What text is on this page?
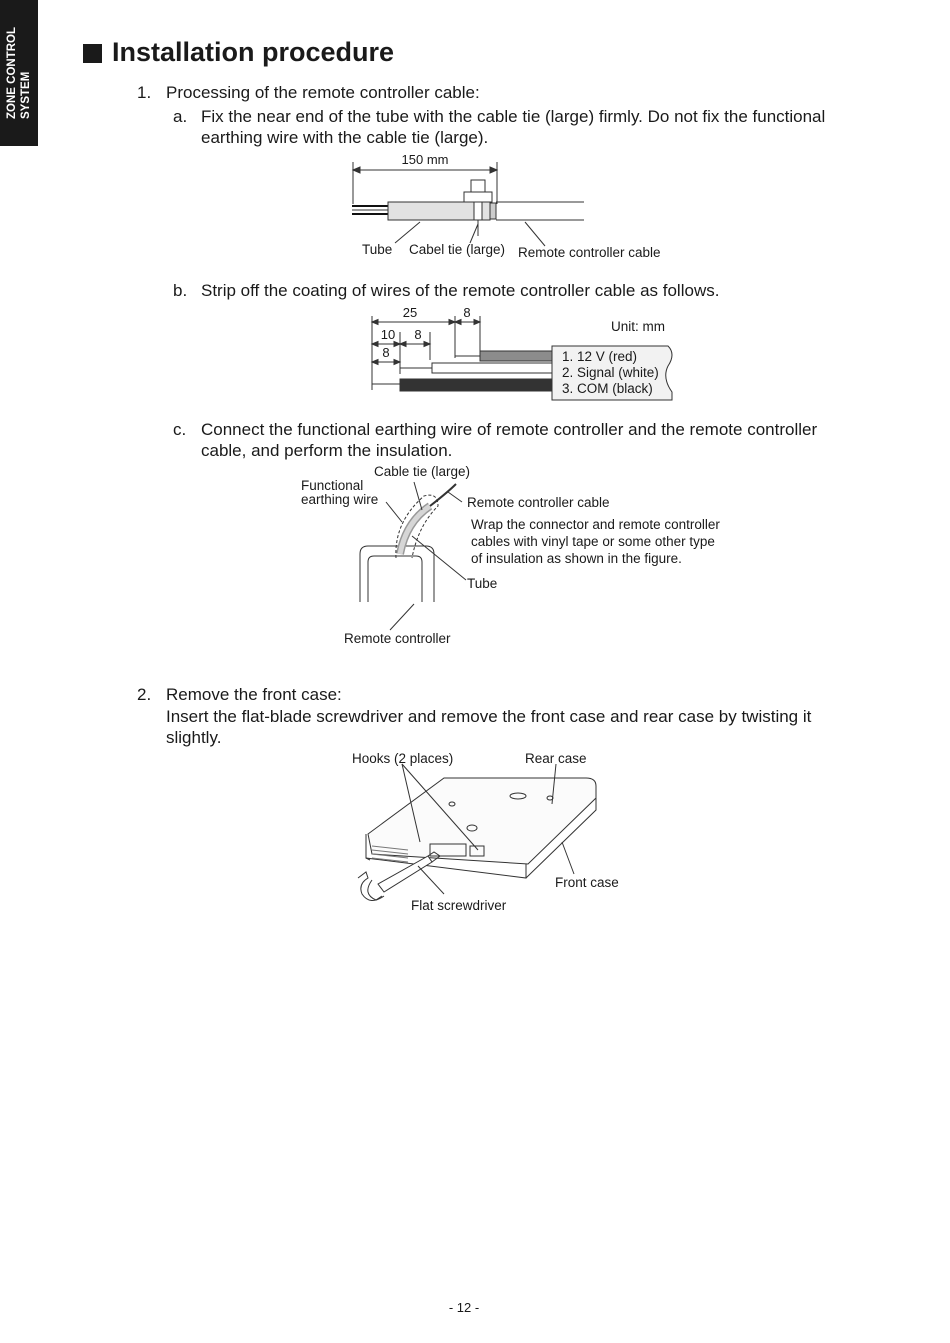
ZONE CONTROL SYSTEM
Installation procedure
1. Processing of the remote controller cable:
a. Fix the near end of the tube with the cable tie (large) firmly. Do not fix the functional
earthing wire with the cable tie (large).
150 mm
Tube Cabel tie (large) Remote controller cable
b. Strip off the coating of wires of the remote controller cable as follows.
25	8
10 8
8
Unit: mm
1. 12 V (red)
2. Signal (white)
3. COM (black)
c. Connect the functional earthing wire of remote controller and the remote controller
cable, and perform the insulation.
Cable tie (large)
Functional
earthing wire	Remote controller cable
Wrap the connector and remote controller
cables with vinyl tape or some other type
of insulation as shown in the figure.
Tube
Remote controller
2. Remove the front case:
Insert the flat-blade screwdriver and remove the front case and rear case by twisting it
slightly.
Hooks (2 places)	Rear case
Front case
Flat screwdriver
- 12 -
